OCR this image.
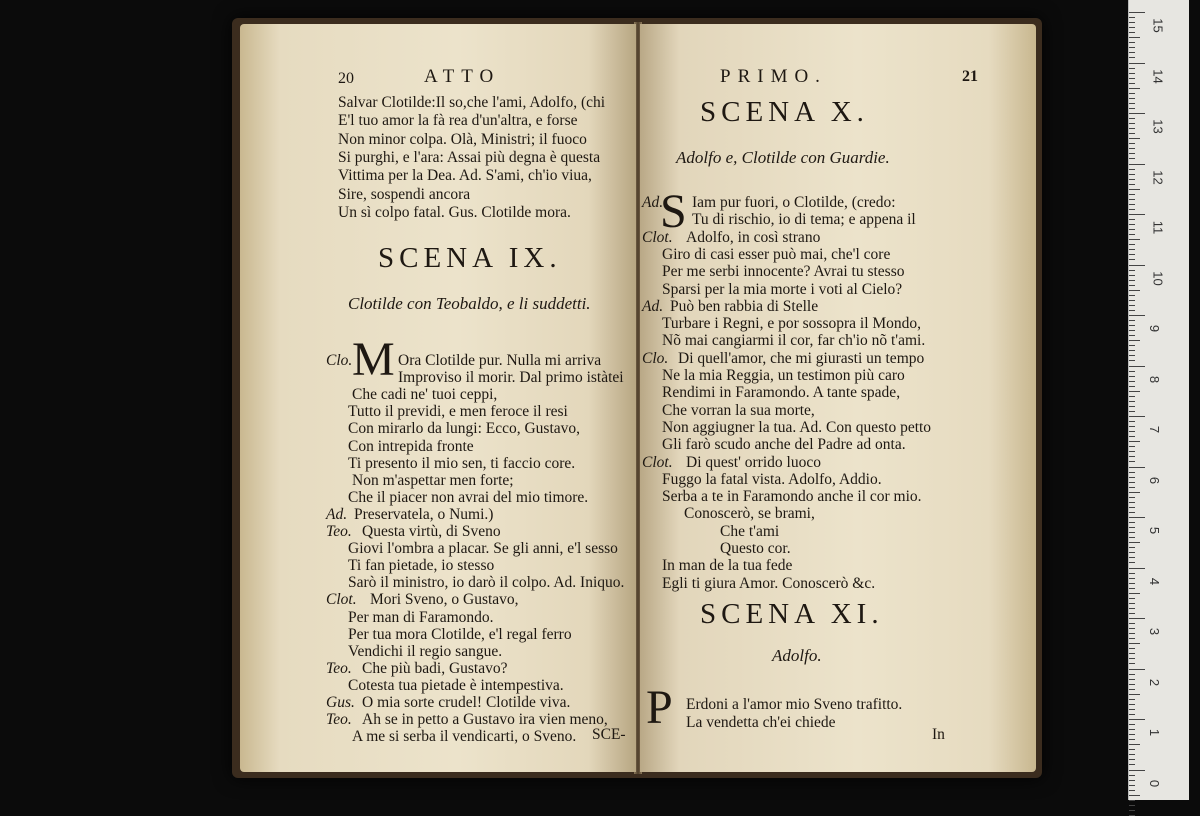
20	ATTO
Salvar Clotilde:Il so,che l'ami, Adolfo, (chi
E'l tuo amor la fà rea d'un'altra, e forse
Non minor colpa. Olà, Ministri; il fuoco
Si purghi, e l'ara: Assai più degna è questa
Vittima per la Dea. Ad. S'ami, ch'io viua,
Sire, sospendi ancora
Un sì colpo fatal. Gus. Clotilde mora.
SCENA IX.
Clotilde con Teobaldo, e li suddetti.
M
Clo.	Ora Clotilde pur. Nulla mi arriva
Improviso il morir. Dal primo istàtei
Che cadi ne' tuoi ceppi,
Tutto il previdi, e men feroce il resi
Con mirarlo da lungi: Ecco, Gustavo,
Con intrepida fronte
Ti presento il mio sen, ti faccio core.
Non m'aspettar men forte;
Che il piacer non avrai del mio timore.
Ad. Preservatela, o Numi.)
Teo. Questa virtù, di Sveno
Giovi l'ombra a placar. Se gli anni, e'l sesso
Ti fan pietade, io stesso
Sarò il ministro, io darò il colpo. Ad. Iniquo.
Clot. Mori Sveno, o Gustavo,
Per man di Faramondo.
Per tua mora Clotilde, e'l regal ferro
Vendichi il regio sangue.
Teo. Che più badi, Gustavo?
Cotesta tua pietade è intempestiva.
Gus. O mia sorte crudel! Clotilde viva.
Teo. Ah se in petto a Gustavo ira vien meno,
A me si serba il vendicarti, o Sveno. SCE-
PRIMO.	21
SCENA X.
Adolfo e, Clotilde con Guardie.
S
Ad. Iam pur fuori, o Clotilde, (credo:
Tu di rischio, io di tema; e appena il
Clot. Adolfo, in così strano
Giro di casi esser può mai, che'l core
Per me serbi innocente? Avrai tu stesso
Sparsi per la mia morte i voti al Cielo?
Ad. Può ben rabbia di Stelle
Turbare i Regni, e por sossopra il Mondo,
Nõ mai cangiarmi il cor, far ch'io nõ t'ami.
Clo. Di quell'amor, che mi giurasti un tempo
Ne la mia Reggia, un testimon più caro
Rendimi in Faramondo. A tante spade,
Che vorran la sua morte,
Non aggiugner la tua. Ad. Con questo petto
Gli farò scudo anche del Padre ad onta.
Clot. Di quest' orrido luoco
Fuggo la fatal vista. Adolfo, Addio.
Serba a te in Faramondo anche il cor mio.
Conoscerò, se brami,
Che t'ami
Questo cor.
In man de la tua fede
Egli ti giura Amor. Conoscerò &c.
SCENA XI.
Adolfo.
P Erdoni a l'amor mio Sveno trafitto.
La vendetta ch'ei chiede
In
15
14
13
12
11
10
9
8
7
6
5
4
3
2
1
0
